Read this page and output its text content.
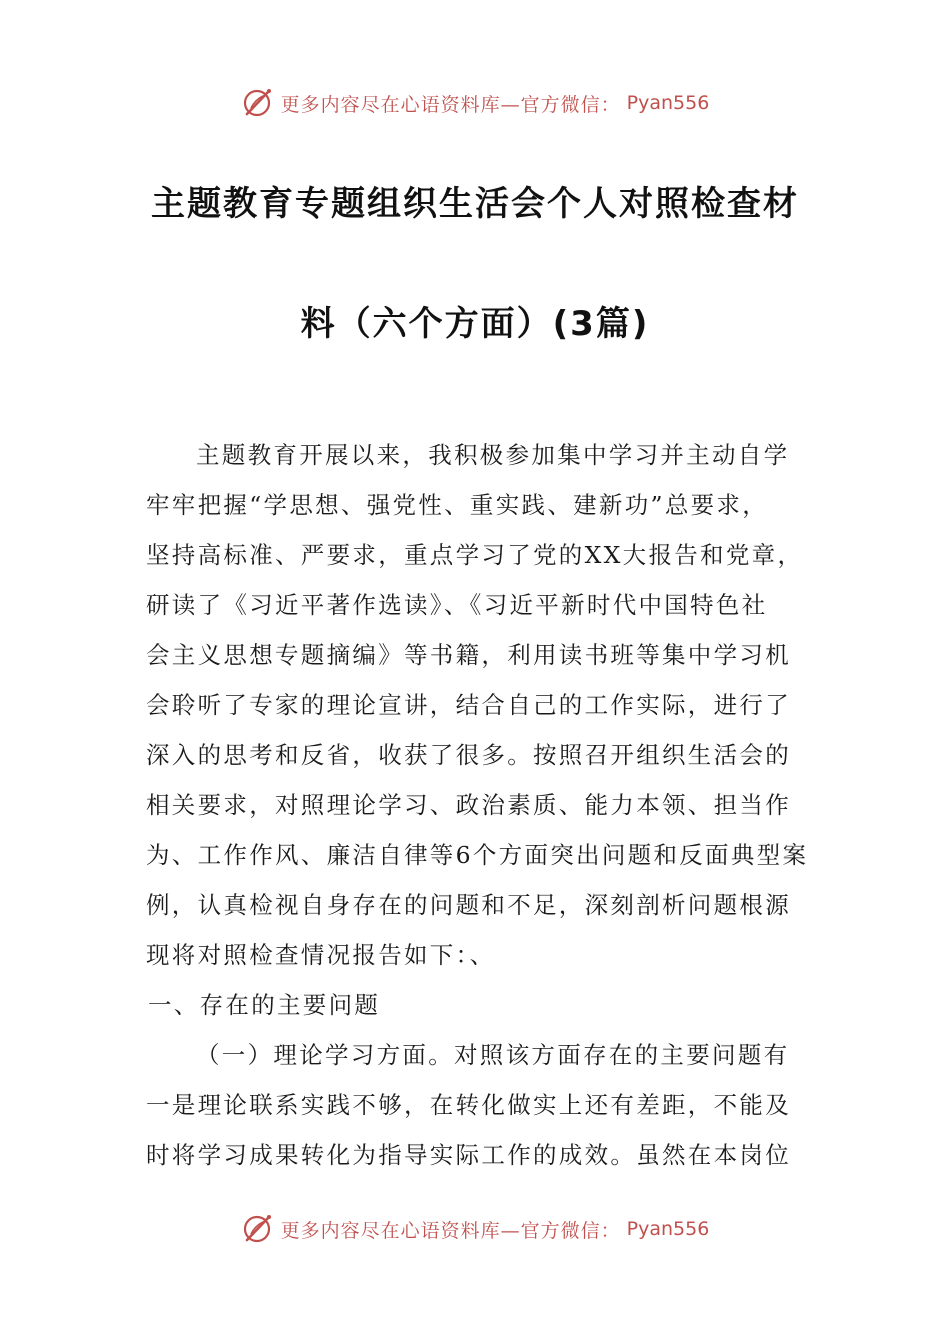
更多内容尽在心语资料库—官方微信： Pyan556
主题教育专题组织生活会个人对照检查材
料（六个方面）(3篇)
主题教育开展以来，我积极参加集中学习并主动自学
牢牢把握“学思想、强党性、重实践、建新功”总要求，
坚持高标准、严要求，重点学习了党的XX大报告和党章，
研读了《习近平著作选读》、《习近平新时代中国特色社
会主义思想专题摘编》等书籍，利用读书班等集中学习机
会聆听了专家的理论宣讲，结合自己的工作实际，进行了
深入的思考和反省，收获了很多。按照召开组织生活会的
相关要求，对照理论学习、政治素质、能力本领、担当作
为、工作作风、廉洁自律等6个方面突出问题和反面典型案
例，认真检视自身存在的问题和不足，深刻剖析问题根源
现将对照检查情况报告如下：、
一、存在的主要问题
（一）理论学习方面。对照该方面存在的主要问题有
一是理论联系实践不够，在转化做实上还有差距，不能及
时将学习成果转化为指导实际工作的成效。虽然在本岗位
更多内容尽在心语资料库—官方微信： Pyan556
